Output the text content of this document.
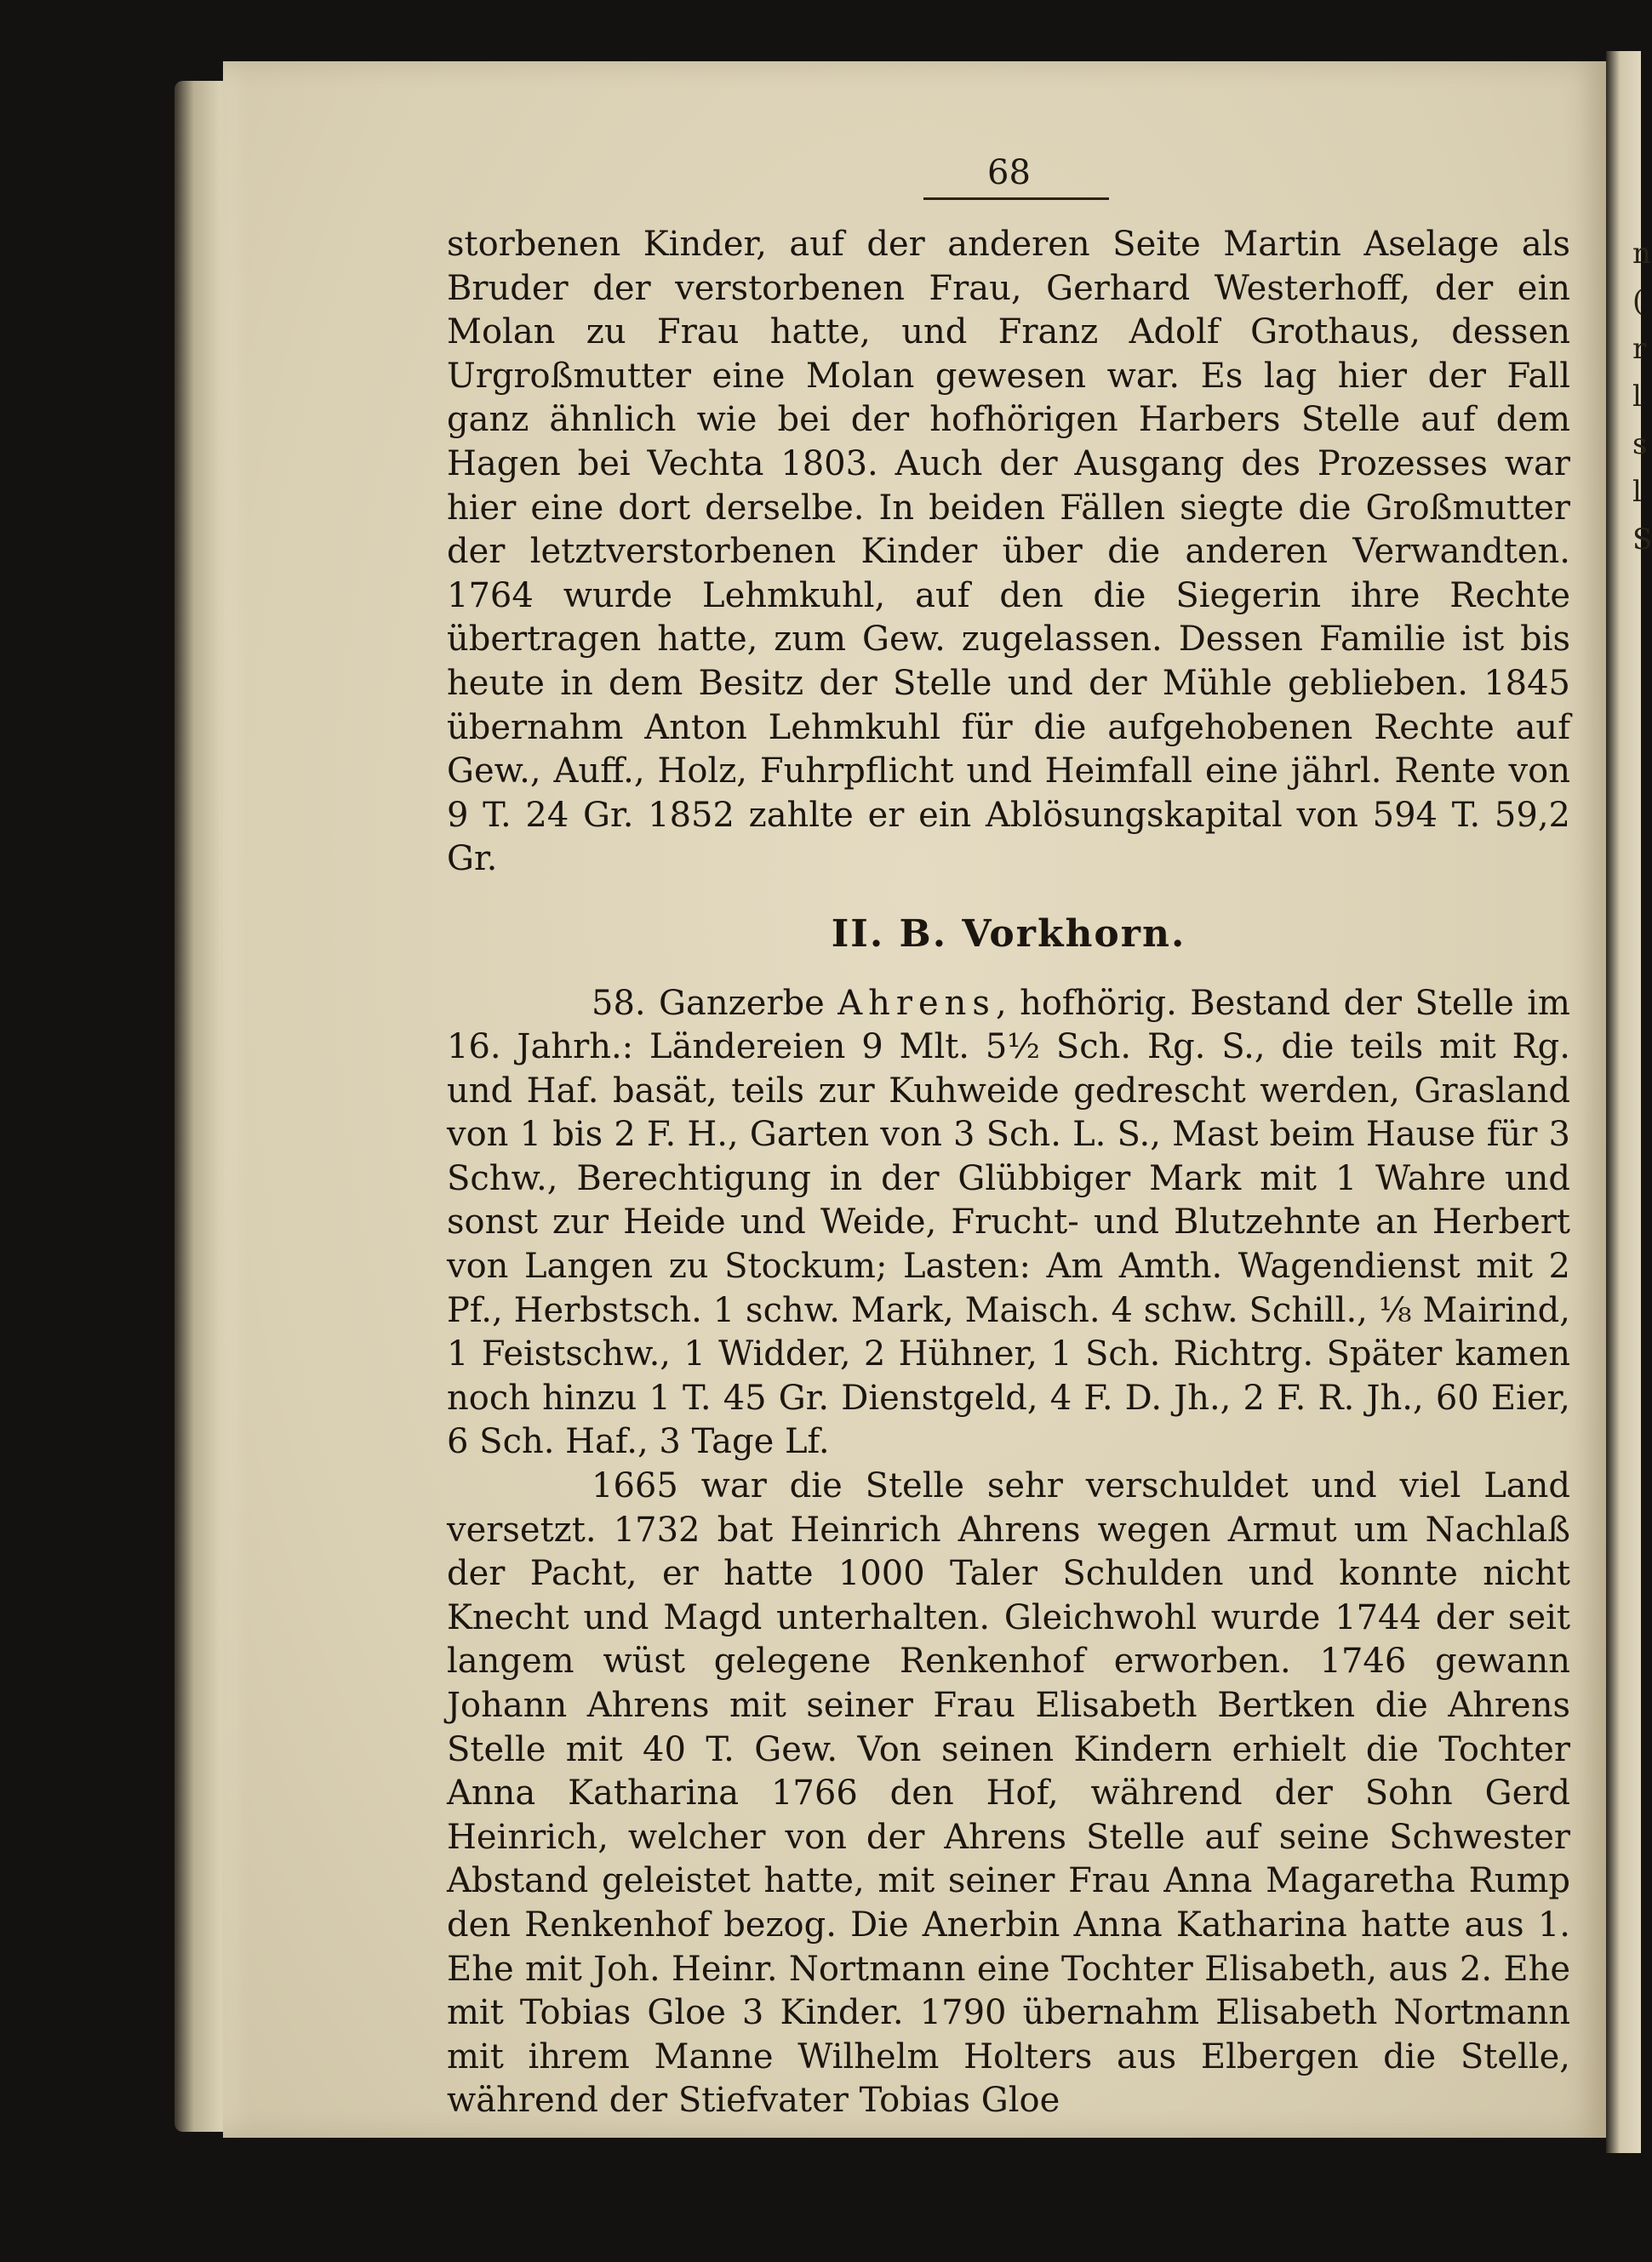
n
(
r
l
s
l
S
68

storbenen Kinder, auf der anderen Seite Martin Aselage als Bruder der verstorbenen Frau, Gerhard Westerhoff, der ein Molan zu Frau hatte, und Franz Adolf Grothaus, dessen Urgroßmutter eine Molan gewesen war. Es lag hier der Fall ganz ähnlich wie bei der hofhörigen Harbers Stelle auf dem Hagen bei Vechta 1803. Auch der Ausgang des Prozesses war hier eine dort derselbe. In beiden Fällen siegte die Großmutter der letztverstorbenen Kinder über die anderen Verwandten. 1764 wurde Lehmkuhl, auf den die Siegerin ihre Rechte übertragen hatte, zum Gew. zugelassen. Dessen Familie ist bis heute in dem Besitz der Stelle und der Mühle geblieben. 1845 übernahm Anton Lehmkuhl für die aufgehobenen Rechte auf Gew., Auff., Holz, Fuhrpflicht und Heimfall eine jährl. Rente von 9 T. 24 Gr. 1852 zahlte er ein Ablösungskapital von 594 T. 59,2 Gr.

II. B. Vorkhorn.

58. Ganzerbe Ahrens, hofhörig. Bestand der Stelle im 16. Jahrh.: Ländereien 9 Mlt. 5½ Sch. Rg. S., die teils mit Rg. und Haf. basät, teils zur Kuhweide gedrescht werden, Grasland von 1 bis 2 F. H., Garten von 3 Sch. L. S., Mast beim Hause für 3 Schw., Berechtigung in der Glübbiger Mark mit 1 Wahre und sonst zur Heide und Weide, Frucht- und Blutzehnte an Herbert von Langen zu Stockum; Lasten: Am Amth. Wagendienst mit 2 Pf., Herbstsch. 1 schw. Mark, Maisch. 4 schw. Schill., ⅛ Mairind, 1 Feistschw., 1 Widder, 2 Hühner, 1 Sch. Richtrg. Später kamen noch hinzu 1 T. 45 Gr. Dienstgeld, 4 F. D. Jh., 2 F. R. Jh., 60 Eier, 6 Sch. Haf., 3 Tage Lf.

1665 war die Stelle sehr verschuldet und viel Land versetzt. 1732 bat Heinrich Ahrens wegen Armut um Nachlaß der Pacht, er hatte 1000 Taler Schulden und konnte nicht Knecht und Magd unterhalten. Gleichwohl wurde 1744 der seit langem wüst gelegene Renkenhof erworben. 1746 gewann Johann Ahrens mit seiner Frau Elisabeth Bertken die Ahrens Stelle mit 40 T. Gew. Von seinen Kindern erhielt die Tochter Anna Katharina 1766 den Hof, während der Sohn Gerd Heinrich, welcher von der Ahrens Stelle auf seine Schwester Abstand geleistet hatte, mit seiner Frau Anna Magaretha Rump den Renkenhof bezog. Die Anerbin Anna Katharina hatte aus 1. Ehe mit Joh. Heinr. Nortmann eine Tochter Elisabeth, aus 2. Ehe mit Tobias Gloe 3 Kinder. 1790 übernahm Elisabeth Nortmann mit ihrem Manne Wilhelm Holters aus Elbergen die Stelle, während der Stiefvater Tobias Gloe
